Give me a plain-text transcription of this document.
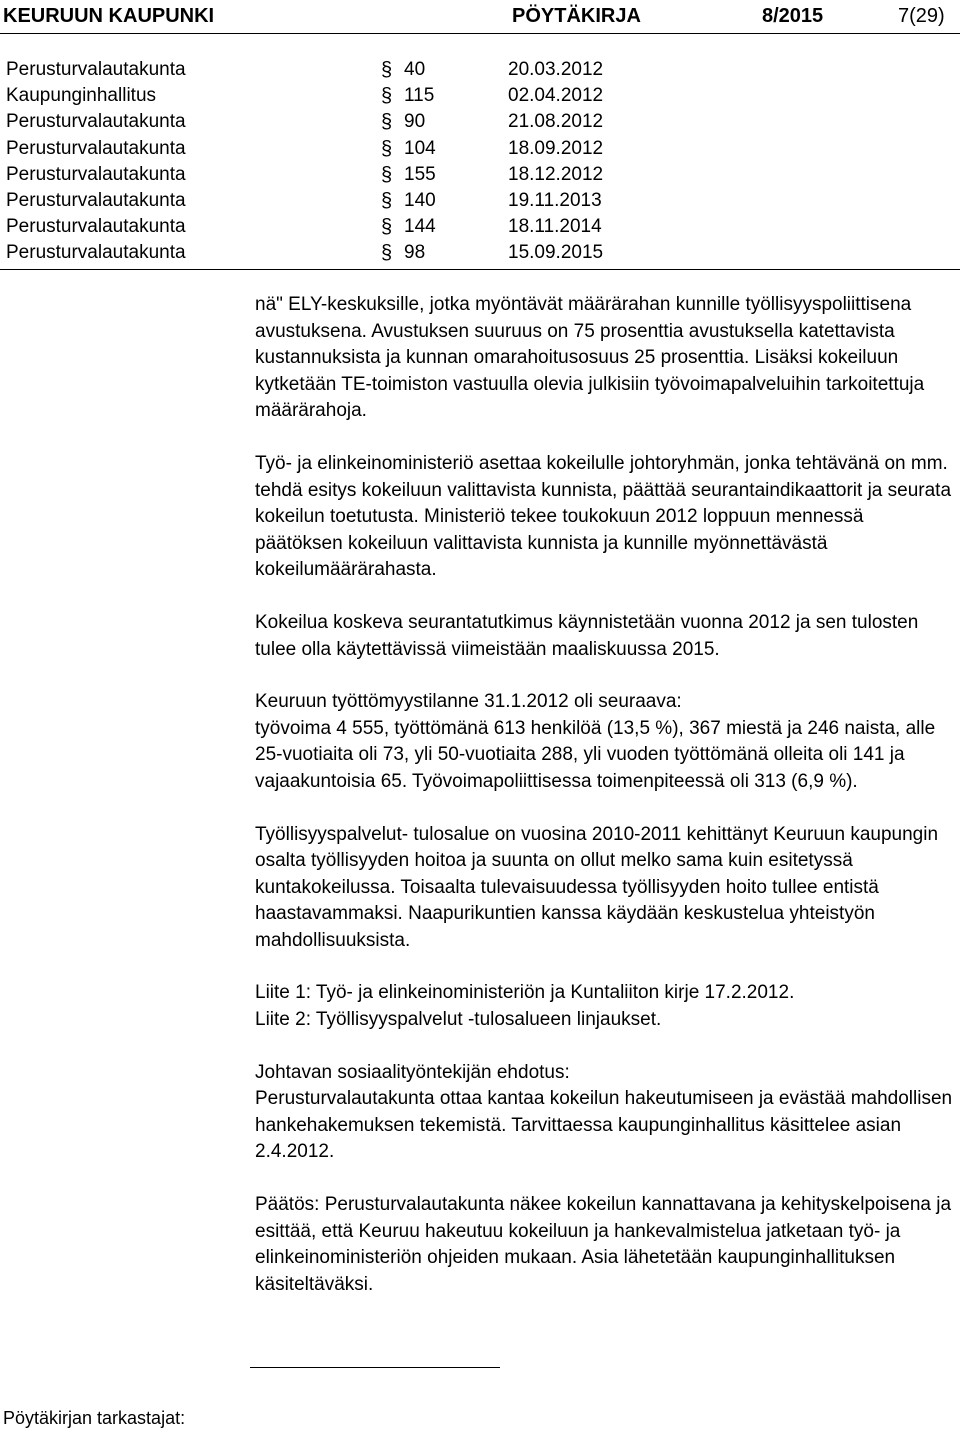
KEURUUN KAUPUNKI	PÖYTÄKIRJA	8/2015	7(29)
Perusturvalautakunta	§ 40	20.03.2012
Kaupunginhallitus	§ 115	02.04.2012
Perusturvalautakunta	§ 90	21.08.2012
Perusturvalautakunta	§ 104	18.09.2012
Perusturvalautakunta	§ 155	18.12.2012
Perusturvalautakunta	§ 140	19.11.2013
Perusturvalautakunta	§ 144	18.11.2014
Perusturvalautakunta	§ 98	15.09.2015

nä" ELY-keskuksille, jotka myöntävät määrärahan kunnille työllisyyspoliittisena avustuksena. Avustuksen suuruus on 75 prosenttia avustuksella katettavista kustannuksista ja kunnan omarahoitusosuus 25 prosenttia. Lisäksi kokeiluun kytketään TE-toimiston vastuulla olevia julkisiin työvoimapalveluihin tarkoitettuja määrärahoja.

Työ- ja elinkeinoministeriö asettaa kokeilulle johtoryhmän, jonka tehtävänä on mm. tehdä esitys kokeiluun valittavista kunnista, päättää seurantaindikaattorit ja seurata kokeilun toetutusta. Ministeriö tekee toukokuun 2012 loppuun mennessä päätöksen kokeiluun valittavista kunnista ja kunnille myönnettävästä kokeilumäärärahasta.

Kokeilua koskeva seurantatutkimus käynnistetään vuonna 2012 ja sen tulosten tulee olla käytettävissä viimeistään maaliskuussa 2015.

Keuruun työttömyystilanne 31.1.2012 oli seuraava:

työvoima 4 555, työttömänä 613 henkilöä (13,5 %), 367 miestä ja 246 naista, alle 25-vuotiaita oli 73, yli 50-vuotiaita 288, yli vuoden työttömänä olleita oli 141 ja vajaakuntoisia 65. Työvoimapoliittisessa toimenpiteessä oli 313 (6,9 %).

Työllisyyspalvelut- tulosalue on vuosina 2010-2011 kehittänyt Keuruun kaupungin osalta työllisyyden hoitoa ja suunta on ollut melko sama kuin esitetyssä kuntakokeilussa. Toisaalta tulevaisuudessa työllisyyden hoito tullee entistä haastavammaksi. Naapurikuntien kanssa käydään keskustelua yhteistyön mahdollisuuksista.

Liite 1: Työ- ja elinkeinoministeriön ja Kuntaliiton kirje 17.2.2012.

Liite 2: Työllisyyspalvelut -tulosalueen linjaukset.

Johtavan sosiaalityöntekijän ehdotus:

Perusturvalautakunta ottaa kantaa kokeilun hakeutumiseen ja evästää mahdollisen hankehakemuksen tekemistä. Tarvittaessa kaupunginhallitus käsittelee asian 2.4.2012.

Päätös: Perusturvalautakunta näkee kokeilun kannattavana ja kehityskelpoisena ja esittää, että Keuruu hakeutuu kokeiluun ja hankevalmistelua jatketaan työ- ja elinkeinoministeriön ohjeiden mukaan. Asia lähetetään kaupunginhallituksen käsiteltäväksi.

Pöytäkirjan tarkastajat:
